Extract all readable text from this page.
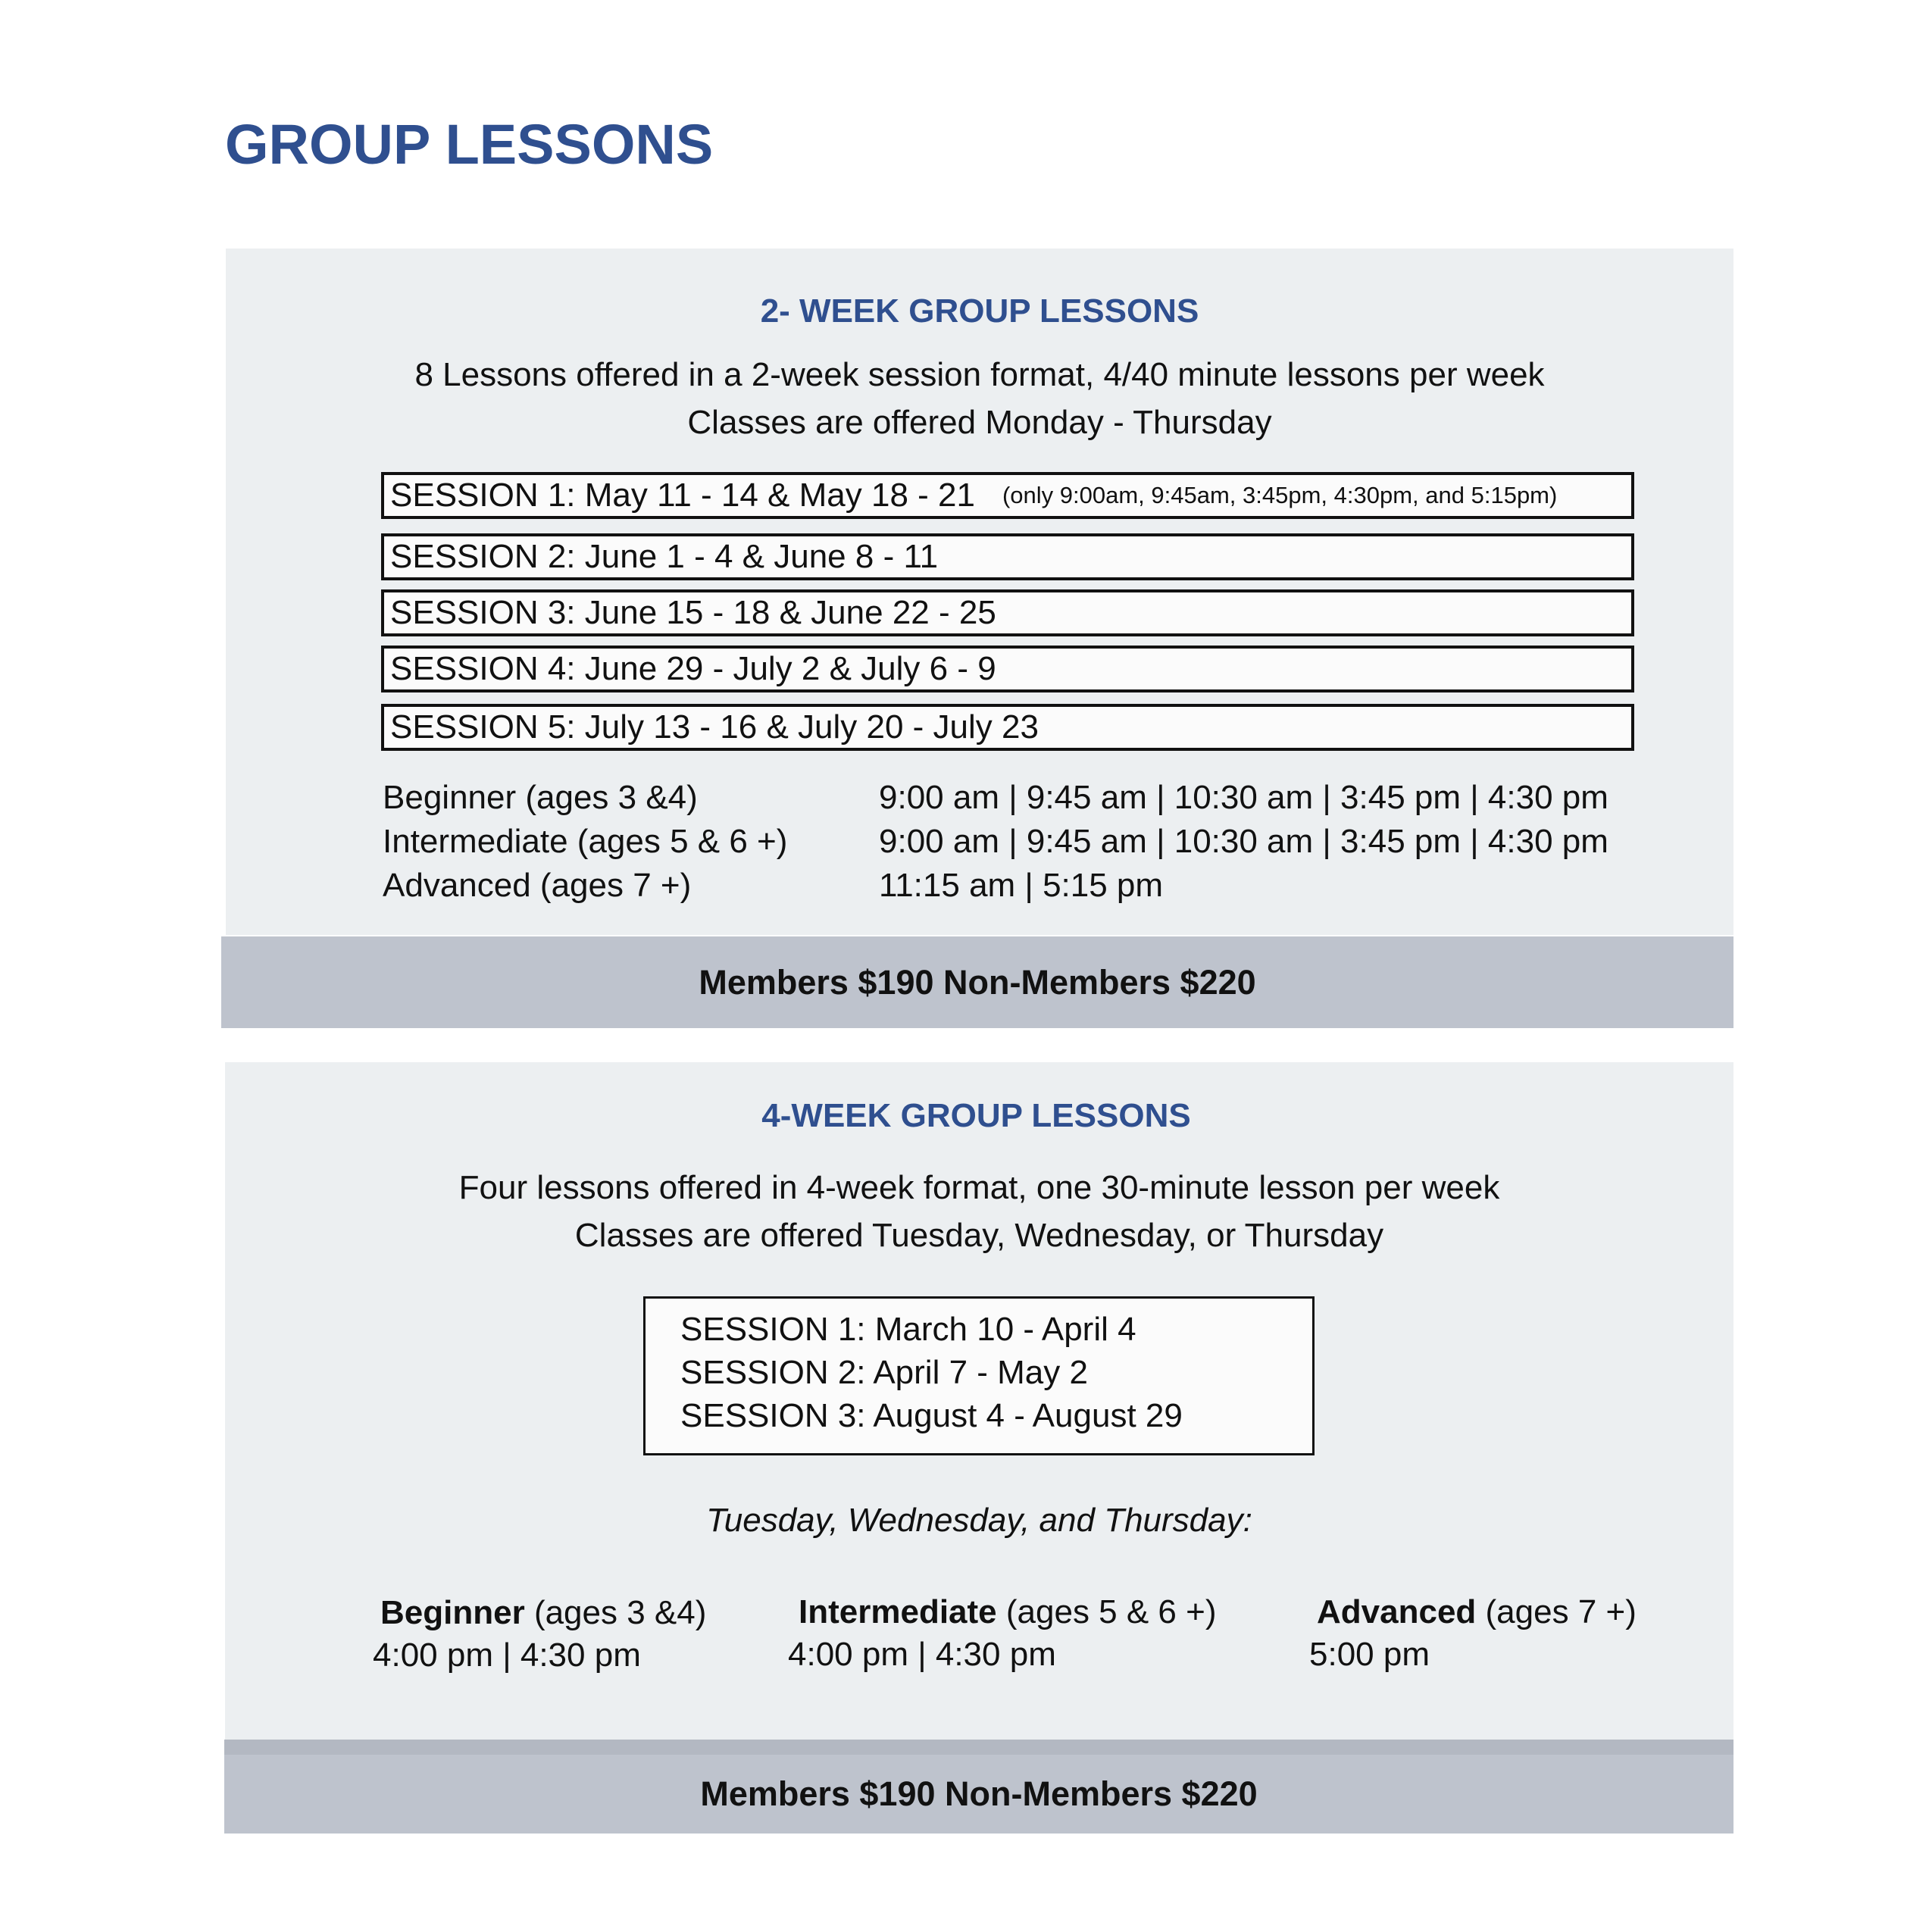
GROUP LESSONS

2- WEEK GROUP LESSONS

8 Lessons offered in a 2-week session format, 4/40 minute lessons per week

Classes are offered Monday - Thursday

SESSION 1: May 11 - 14 & May 18 - 21 (only 9:00am, 9:45am, 3:45pm, 4:30pm, and 5:15pm)
SESSION 2: June 1 - 4 & June 8 - 11
SESSION 3: June 15 - 18 & June 22 - 25
SESSION 4: June 29 - July 2 & July 6 - 9
SESSION 5: July 13 - 16 & July 20 - July 23
Beginner (ages 3 &4)	9:00 am | 9:45 am | 10:30 am | 3:45 pm | 4:30 pm
Intermediate (ages 5 & 6 +)	9:00 am | 9:45 am | 10:30 am | 3:45 pm | 4:30 pm
Advanced (ages 7 +)	11:15 am | 5:15 pm
Members $190 Non-Members $220

4-WEEK GROUP LESSONS

Four lessons offered in 4-week format, one 30-minute lesson per week

Classes are offered Tuesday, Wednesday, or Thursday

SESSION 1: March 10 - April 4
SESSION 2: April 7 - May 2
SESSION 3: August 4 - August 29

Tuesday, Wednesday, and Thursday:

Beginner (ages 3 &4)
4:00 pm | 4:30 pm
Intermediate (ages 5 & 6 +)
4:00 pm | 4:30 pm
Advanced (ages 7 +)
5:00 pm
Members $190 Non-Members $220
